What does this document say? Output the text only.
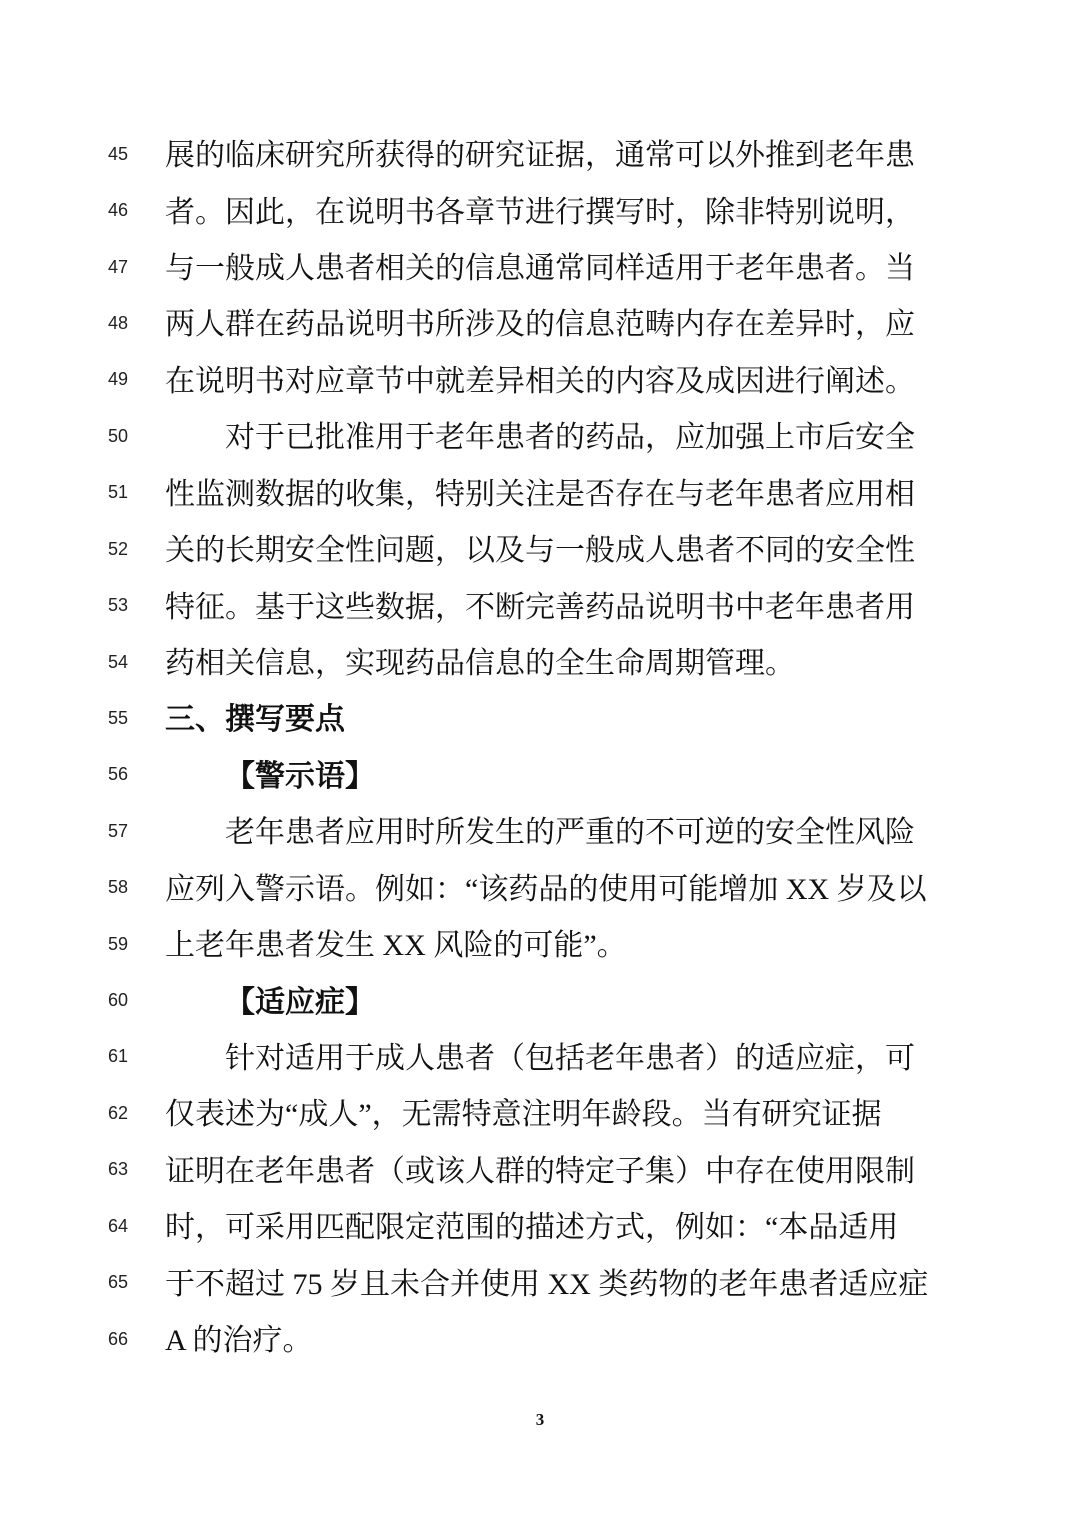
45	展的临床研究所获得的研究证据，通常可以外推到老年患
46	者。因此，在说明书各章节进行撰写时，除非特别说明，
47	与一般成人患者相关的信息通常同样适用于老年患者。当
48	两人群在药品说明书所涉及的信息范畴内存在差异时，应
49	在说明书对应章节中就差异相关的内容及成因进行阐述。
50	对于已批准用于老年患者的药品，应加强上市后安全
51	性监测数据的收集，特别关注是否存在与老年患者应用相
52	关的长期安全性问题，以及与一般成人患者不同的安全性
53	特征。基于这些数据，不断完善药品说明书中老年患者用
54	药相关信息，实现药品信息的全生命周期管理。
55	三、撰写要点
56	【警示语】
57	老年患者应用时所发生的严重的不可逆的安全性风险
58	应列入警示语。例如：“该药品的使用可能增加 XX 岁及以
59	上老年患者发生 XX 风险的可能”。
60	【适应症】
61	针对适用于成人患者（包括老年患者）的适应症，可
62	仅表述为“成人”，无需特意注明年龄段。当有研究证据
63	证明在老年患者（或该人群的特定子集）中存在使用限制
64	时，可采用匹配限定范围的描述方式，例如：“本品适用
65	于不超过 75 岁且未合并使用 XX 类药物的老年患者适应症
66	A 的治疗。
3
